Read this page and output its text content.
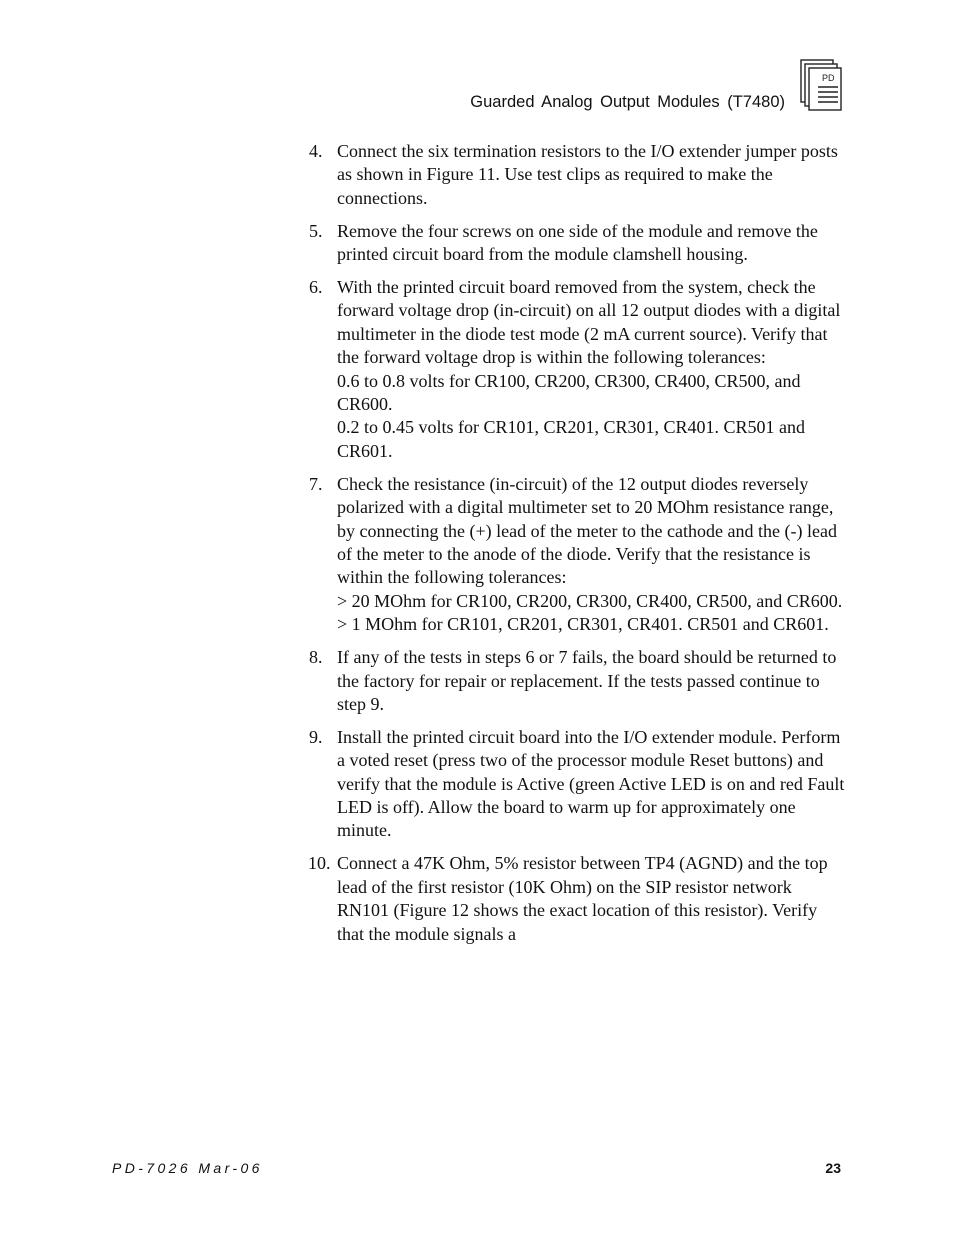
Guarded Analog Output Modules (T7480)
PD
4. Connect the six termination resistors to the I/O extender jumper posts as shown in Figure 11. Use test clips as required to make the connections.

5. Remove the four screws on one side of the module and remove the printed circuit board from the module clamshell housing.

6. With the printed circuit board removed from the system, check the forward voltage drop (in-circuit) on all 12 output diodes with a digital multimeter in the diode test mode (2 mA current source). Verify that the forward voltage drop is within the following tolerances:

0.6 to 0.8 volts for CR100, CR200, CR300, CR400, CR500, and CR600.

0.2 to 0.45 volts for CR101, CR201, CR301, CR401. CR501 and CR601.

7. Check the resistance (in-circuit) of the 12 output diodes reversely polarized with a digital multimeter set to 20 MOhm resistance range, by connecting the (+) lead of the meter to the cathode and the (-) lead of the meter to the anode of the diode. Verify that the resistance is within the following tolerances:

> 20 MOhm for CR100, CR200, CR300, CR400, CR500, and CR600.

> 1 MOhm for CR101, CR201, CR301, CR401. CR501 and CR601.

8. If any of the tests in steps 6 or 7 fails, the board should be returned to the factory for repair or replacement. If the tests passed continue to step 9.

9. Install the printed circuit board into the I/O extender module. Perform a voted reset (press two of the processor module Reset buttons) and verify that the module is Active (green Active LED is on and red Fault LED is off). Allow the board to warm up for approximately one minute.

10. Connect a 47K Ohm, 5% resistor between TP4 (AGND) and the top lead of the first resistor (10K Ohm) on the SIP resistor network RN101 (Figure 12 shows the exact location of this resistor). Verify that the module signals a

PD-7026 Mar-06	23
